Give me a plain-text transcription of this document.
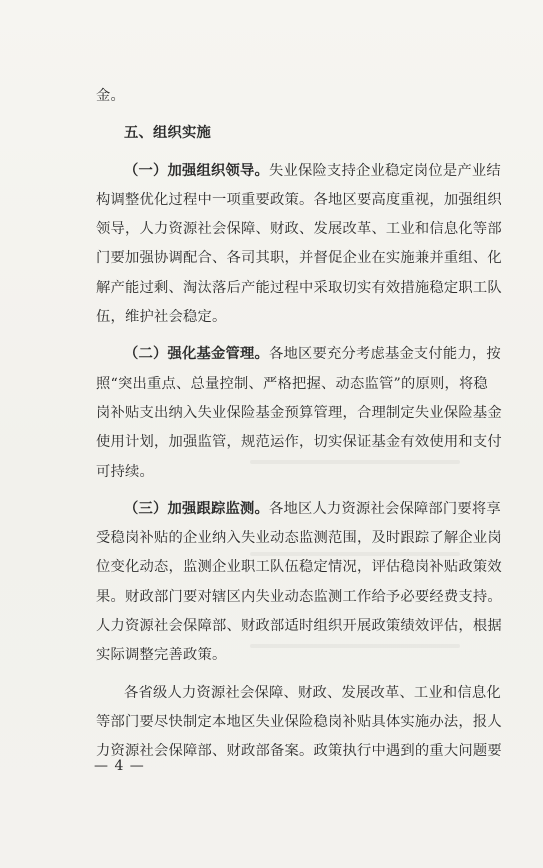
金。
五、组织实施
（一）加强组织领导。失业保险支持企业稳定岗位是产业结
构调整优化过程中一项重要政策。各地区要高度重视，加强组织
领导，人力资源社会保障、财政、发展改革、工业和信息化等部
门要加强协调配合、各司其职，并督促企业在实施兼并重组、化
解产能过剩、淘汰落后产能过程中采取切实有效措施稳定职工队
伍，维护社会稳定。
（二）强化基金管理。各地区要充分考虑基金支付能力，按
照“突出重点、总量控制、严格把握、动态监管”的原则，将稳
岗补贴支出纳入失业保险基金预算管理，合理制定失业保险基金
使用计划，加强监管，规范运作，切实保证基金有效使用和支付
可持续。
（三）加强跟踪监测。各地区人力资源社会保障部门要将享
受稳岗补贴的企业纳入失业动态监测范围，及时跟踪了解企业岗
位变化动态，监测企业职工队伍稳定情况，评估稳岗补贴政策效
果。财政部门要对辖区内失业动态监测工作给予必要经费支持。
人力资源社会保障部、财政部适时组织开展政策绩效评估，根据
实际调整完善政策。
各省级人力资源社会保障、财政、发展改革、工业和信息化
等部门要尽快制定本地区失业保险稳岗补贴具体实施办法，报人
力资源社会保障部、财政部备案。政策执行中遇到的重大问题要
— 4 —
